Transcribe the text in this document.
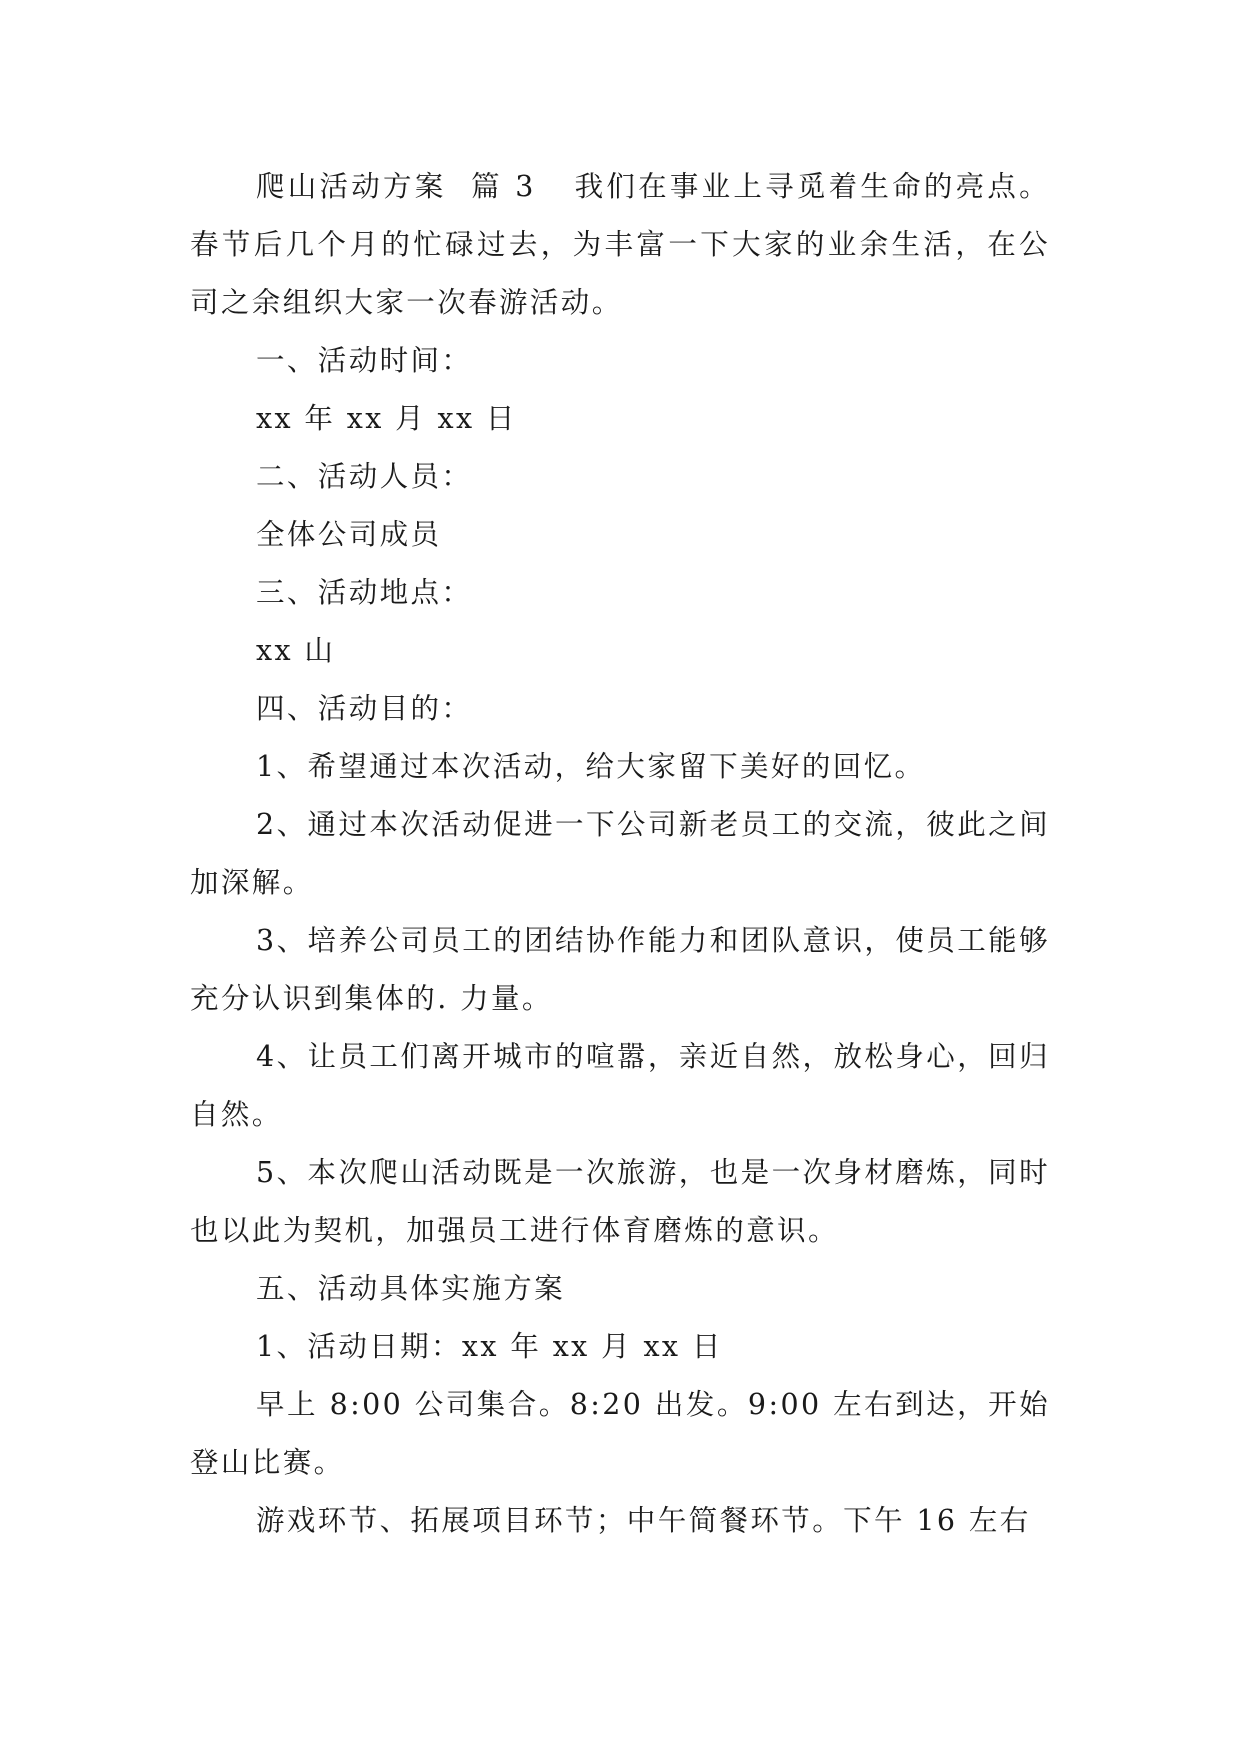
爬山活动方案 篇 3 我们在事业上寻觅着生命的亮点。春节后几个月的忙碌过去，为丰富一下大家的业余生活，在公司之余组织大家一次春游活动。

一、活动时间：

xx 年 xx 月 xx 日

二、活动人员：

全体公司成员

三、活动地点：

xx 山

四、活动目的：

1、希望通过本次活动，给大家留下美好的回忆。

2、通过本次活动促进一下公司新老员工的交流，彼此之间加深解。

3、培养公司员工的团结协作能力和团队意识，使员工能够充分认识到集体的. 力量。

4、让员工们离开城市的喧嚣，亲近自然，放松身心，回归自然。

5、本次爬山活动既是一次旅游，也是一次身材磨炼，同时也以此为契机，加强员工进行体育磨炼的意识。

五、活动具体实施方案

1、活动日期：xx 年 xx 月 xx 日

早上 8:00 公司集合。8:20 出发。9:00 左右到达，开始登山比赛。

游戏环节、拓展项目环节；中午简餐环节。下午 16 左右
